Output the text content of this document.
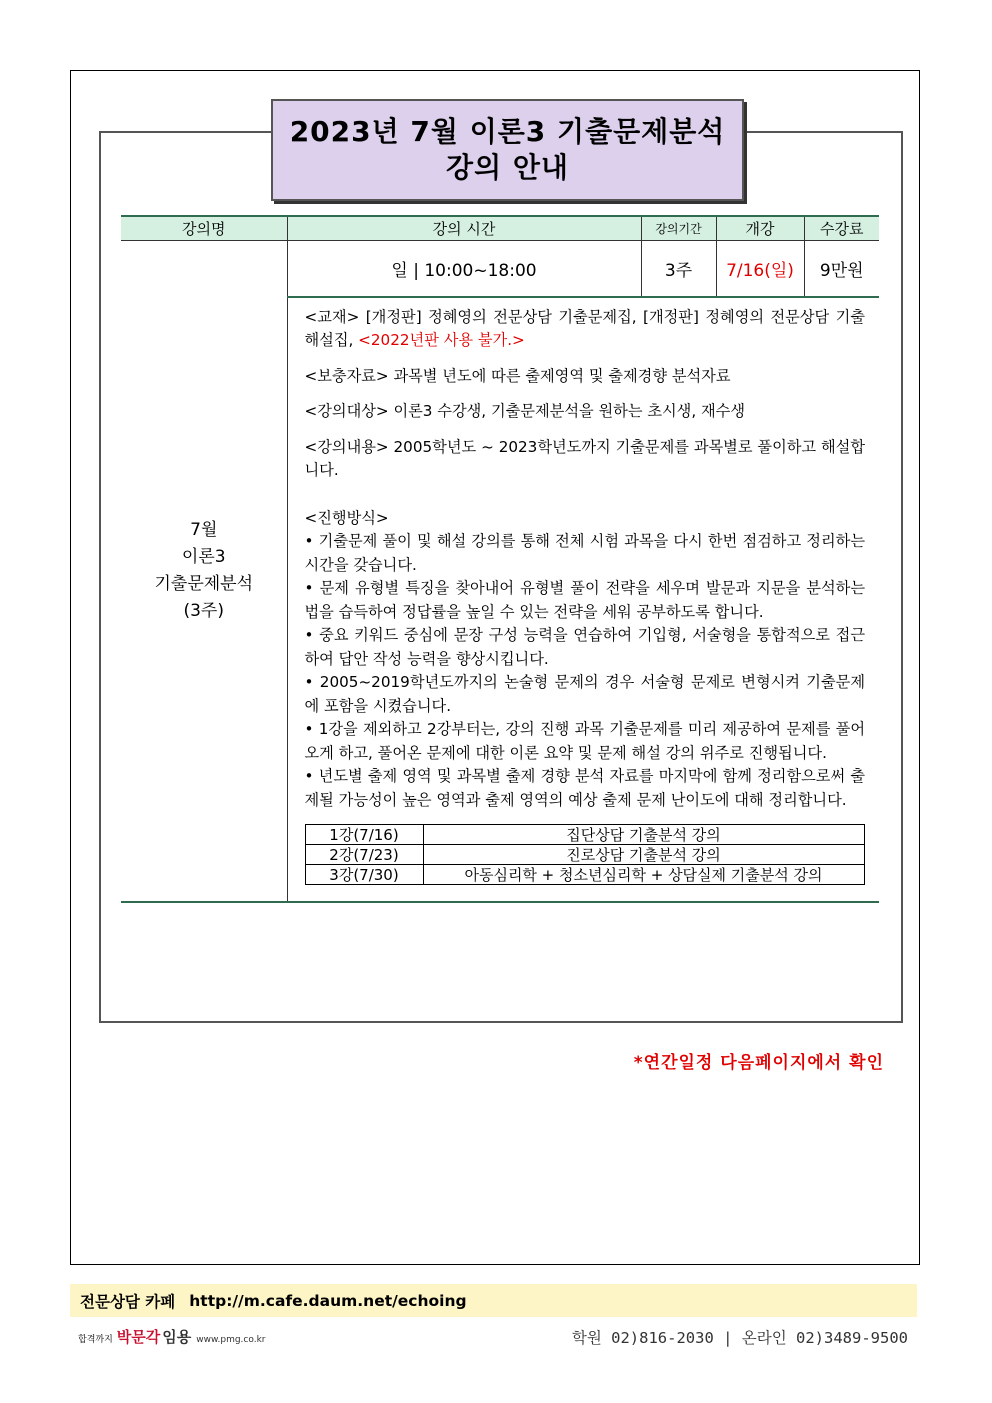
2023년 7월 이론3 기출문제분석
강의 안내
강의명	강의 시간	강의기간	개강	수강료

7월
이론3
기출문제분석
(3주)
	일 | 10:00~18:00	3주	7/16(일)	9만원

<교재> [개정판] 정혜영의 전문상담 기출문제집, [개정판] 정혜영의 전문상담 기출해설집, <2022년판 사용 불가.>

<보충자료> 과목별 년도에 따른 출제영역 및 출제경향 분석자료

<강의대상> 이론3 수강생, 기출문제분석을 원하는 초시생, 재수생

<강의내용> 2005학년도 ~ 2023학년도까지 기출문제를 과목별로 풀이하고 해설합니다.

<진행방식>

• 기출문제 풀이 및 해설 강의를 통해 전체 시험 과목을 다시 한번 점검하고 정리하는 시간을 갖습니다.

• 문제 유형별 특징을 찾아내어 유형별 풀이 전략을 세우며 발문과 지문을 분석하는 법을 습득하여 정답률을 높일 수 있는 전략을 세워 공부하도록 합니다.

• 중요 키워드 중심에 문장 구성 능력을 연습하여 기입형, 서술형을 통합적으로 접근하여 답안 작성 능력을 향상시킵니다.

• 2005~2019학년도까지의 논술형 문제의 경우 서술형 문제로 변형시켜 기출문제에 포함을 시켰습니다.

• 1강을 제외하고 2강부터는, 강의 진행 과목 기출문제를 미리 제공하여 문제를 풀어오게 하고, 풀어온 문제에 대한 이론 요약 및 문제 해설 강의 위주로 진행됩니다.

• 년도별 출제 영역 및 과목별 출제 경향 분석 자료를 마지막에 함께 정리함으로써 출제될 가능성이 높은 영역과 출제 영역의 예상 출제 문제 난이도에 대해 정리합니다.

1강(7/16)	집단상담 기출분석 강의
2강(7/23)	진로상담 기출분석 강의
3강(7/30)	아동심리학 + 청소년심리학 + 상담실제 기출분석 강의
*연간일정 다음페이지에서 확인
전문상담 카페 http://m.cafe.daum.net/echoing
합격까지 박문각 임용 www.pmg.co.kr	학원 02)816-2030 | 온라인 02)3489-9500
